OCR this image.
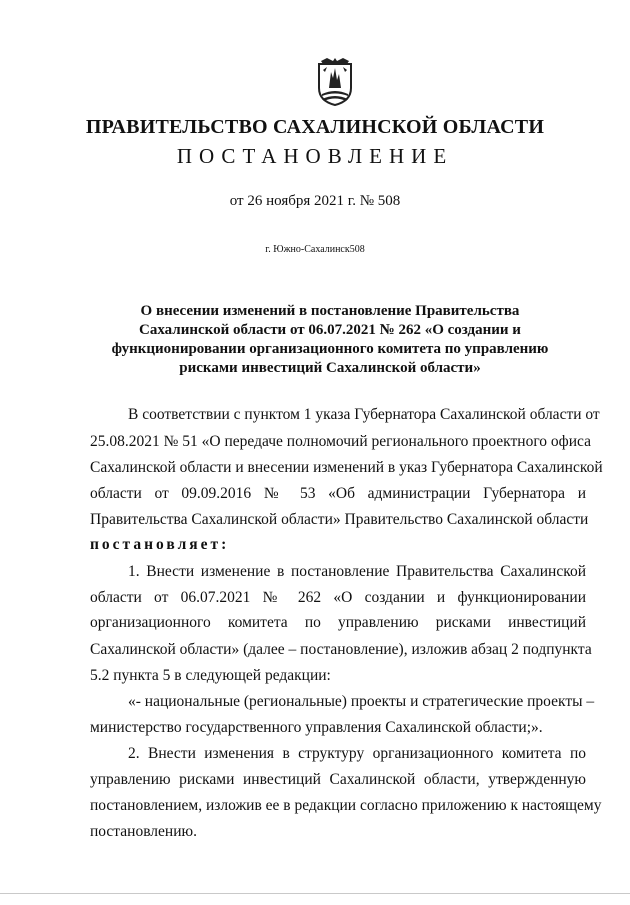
ПРАВИТЕЛЬСТВО САХАЛИНСКОЙ ОБЛАСТИ
ПОСТАНОВЛЕНИЕ
от 26 ноября 2021 г. № 508
г. Южно-Сахалинск508
О внесении изменений в постановление Правительства Сахалинской области от 06.07.2021 № 262 «О создании и функционировании организационного комитета по управлению рисками инвестиций Сахалинской области»
В соответствии с пунктом 1 указа Губернатора Сахалинской области от
25.08.2021 № 51 «О передаче полномочий регионального проектного офиса
Сахалинской области и внесении изменений в указ Губернатора Сахалинской
области от 09.09.2016 № 53 «Об администрации Губернатора и
Правительства Сахалинской области» Правительство Сахалинской области
постановляет:
1. Внести изменение в постановление Правительства Сахалинской
области от 06.07.2021 № 262 «О создании и функционировании
организационного комитета по управлению рисками инвестиций
Сахалинской области» (далее – постановление), изложив абзац 2 подпункта
5.2 пункта 5 в следующей редакции:
«- национальные (региональные) проекты и стратегические проекты –
министерство государственного управления Сахалинской области;».
2. Внести изменения в структуру организационного комитета по
управлению рисками инвестиций Сахалинской области, утвержденную
постановлением, изложив ее в редакции согласно приложению к настоящему
постановлению.
